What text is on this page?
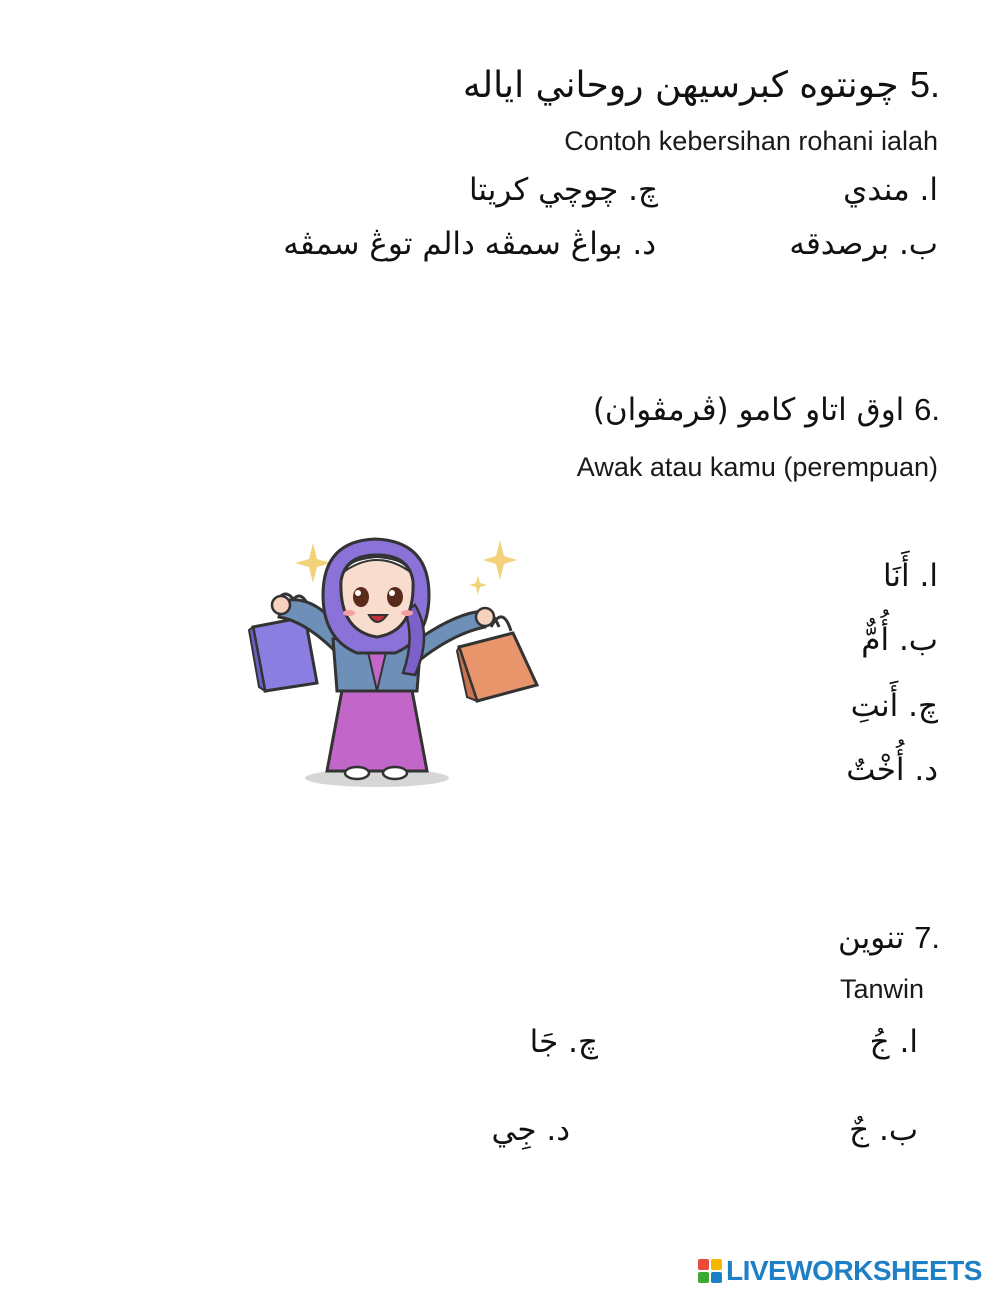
5. چونتوه کبرسيهن روحاني اياله
Contoh kebersihan rohani ialah
ا. مندي
چ. چوچي کريتا
ب. برصدقه
د. بواڠ سمڤه دالم توڠ سمڤه
6. اوق اتاو کامو (ڤرمڤوان)
Awak atau kamu (perempuan)
ا. أَنَا
ب. أُمٌّ
چ. أَنتِ
د. أُخْتٌ
7. تنوين
Tanwin
ا. جُ
چ. جَا
ب. جٌ
د. جِي
LIVEWORKSHEETS
